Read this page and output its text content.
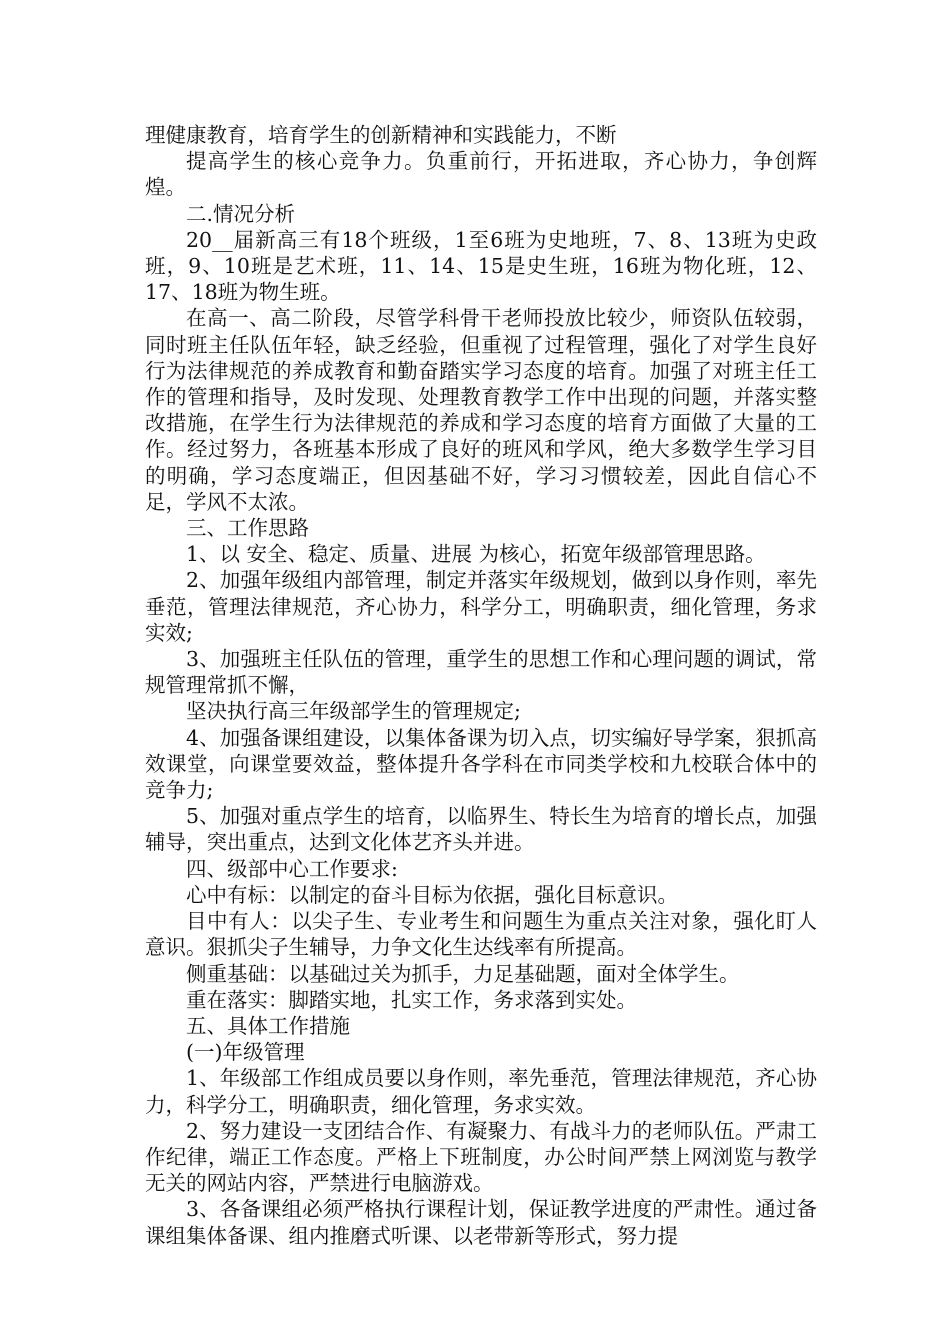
理健康教育，培育学生的创新精神和实践能力，不断

提高学生的核心竞争力。负重前行，开拓进取，齐心协力，争创辉煌。

二.情况分析

20__届新高三有18个班级，1至6班为史地班，7、8、13班为史政班，9、10班是艺术班，11、14、15是史生班，16班为物化班，12、17、18班为物生班。

在高一、高二阶段，尽管学科骨干老师投放比较少，师资队伍较弱，同时班主任队伍年轻，缺乏经验，但重视了过程管理，强化了对学生良好行为法律规范的养成教育和勤奋踏实学习态度的培育。加强了对班主任工作的管理和指导，及时发现、处理教育教学工作中出现的问题，并落实整改措施，在学生行为法律规范的养成和学习态度的培育方面做了大量的工作。经过努力，各班基本形成了良好的班风和学风，绝大多数学生学习目的明确，学习态度端正，但因基础不好，学习习惯较差，因此自信心不足，学风不太浓。

三、工作思路

1、以 安全、稳定、质量、进展 为核心，拓宽年级部管理思路。

2、加强年级组内部管理，制定并落实年级规划，做到以身作则，率先垂范，管理法律规范，齐心协力，科学分工，明确职责，细化管理，务求实效;

3、加强班主任队伍的管理，重学生的思想工作和心理问题的调试，常规管理常抓不懈，

坚决执行高三年级部学生的管理规定;

4、加强备课组建设，以集体备课为切入点，切实编好导学案，狠抓高效课堂，向课堂要效益，整体提升各学科在市同类学校和九校联合体中的竞争力;

5、加强对重点学生的培育，以临界生、特长生为培育的增长点，加强辅导，突出重点，达到文化体艺齐头并进。

四、级部中心工作要求:

心中有标：以制定的奋斗目标为依据，强化目标意识。

目中有人：以尖子生、专业考生和问题生为重点关注对象，强化盯人意识。狠抓尖子生辅导，力争文化生达线率有所提高。

侧重基础：以基础过关为抓手，力足基础题，面对全体学生。

重在落实：脚踏实地，扎实工作，务求落到实处。

五、具体工作措施

(一)年级管理

1、年级部工作组成员要以身作则，率先垂范，管理法律规范，齐心协力，科学分工，明确职责，细化管理，务求实效。

2、努力建设一支团结合作、有凝聚力、有战斗力的老师队伍。严肃工作纪律，端正工作态度。严格上下班制度，办公时间严禁上网浏览与教学无关的网站内容，严禁进行电脑游戏。

3、各备课组必须严格执行课程计划，保证教学进度的严肃性。通过备课组集体备课、组内推磨式听课、以老带新等形式，努力提
